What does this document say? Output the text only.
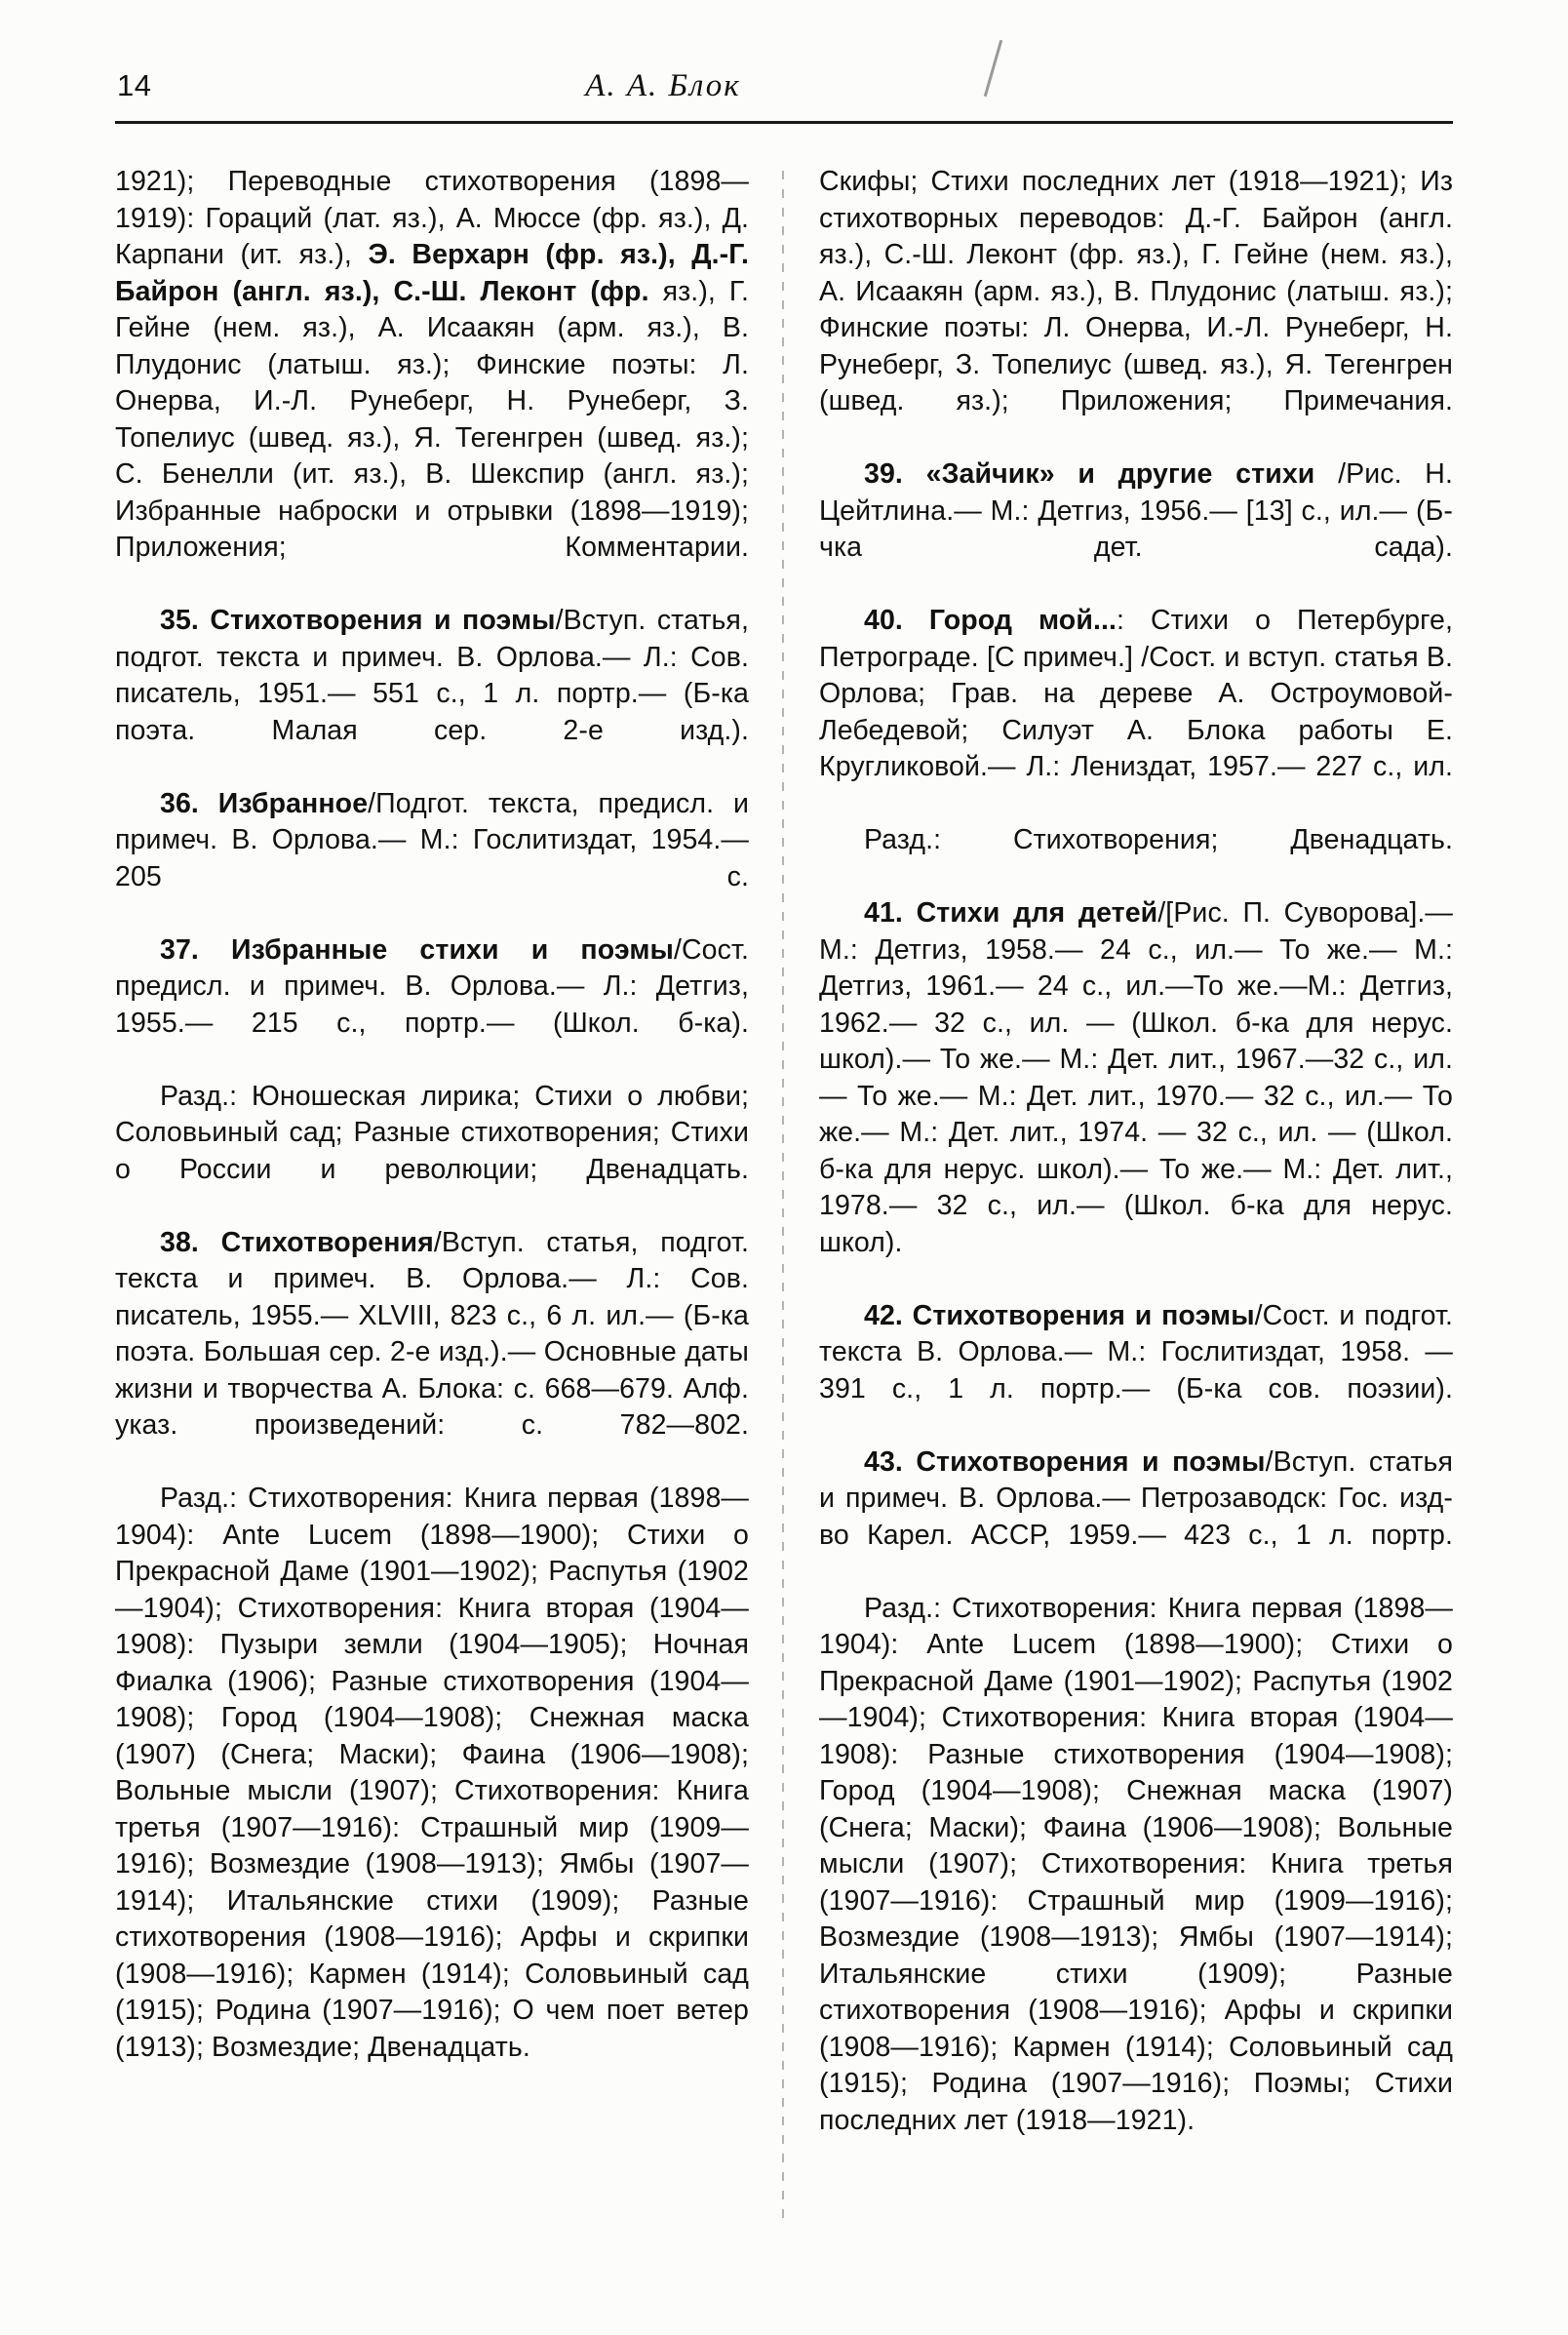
14	А. А. Блок

1921); Переводные стихотворения (1898—1919): Гораций (лат. яз.), А. Мюссе (фр. яз.), Д. Карпани (ит. яз.), Э. Верхарн (фр. яз.), Д.-Г. Байрон (англ. яз.), С.-Ш. Леконт (фр. яз.), Г. Гейне (нем. яз.), А. Исаакян (арм. яз.), В. Плудонис (латыш. яз.); Финские поэты: Л. Онерва, И.-Л. Рунеберг, Н. Рунеберг, З. Топелиус (швед. яз.), Я. Тегенгрен (швед. яз.); С. Бенелли (ит. яз.), В. Шекспир (англ. яз.); Избранные наброски и отрывки (1898—1919); Приложения; Комментарии.

35. Стихотворения и поэмы/Вступ. статья, подгот. текста и примеч. В. Орлова.— Л.: Сов. писатель, 1951.— 551 с., 1 л. портр.— (Б-ка поэта. Малая сер. 2-е изд.).

36. Избранное/Подгот. текста, предисл. и примеч. В. Орлова.— М.: Гослитиздат, 1954.— 205 с.

37. Избранные стихи и поэмы/Сост. предисл. и примеч. В. Орлова.— Л.: Детгиз, 1955.— 215 с., портр.— (Школ. б-ка).

Разд.: Юношеская лирика; Стихи о любви; Соловьиный сад; Разные стихотворения; Стихи о России и революции; Двенадцать.

38. Стихотворения/Вступ. статья, подгот. текста и примеч. В. Орлова.— Л.: Сов. писатель, 1955.— XLVIII, 823 с., 6 л. ил.— (Б-ка поэта. Большая сер. 2-е изд.).— Основные даты жизни и творчества А. Блока: с. 668—679. Алф. указ. произведений: с. 782—802.

Разд.: Стихотворения: Книга первая (1898—1904): Ante Lucem (1898—1900); Стихи о Прекрасной Даме (1901—1902); Распутья (1902—1904); Стихотворения: Книга вторая (1904—1908): Пузыри земли (1904—1905); Ночная Фиалка (1906); Разные стихотворения (1904—1908); Город (1904—1908); Снежная маска (1907) (Снега; Маски); Фаина (1906—1908); Вольные мысли (1907); Стихотворения: Книга третья (1907—1916): Страшный мир (1909—1916); Возмездие (1908—1913); Ямбы (1907—1914); Итальянские стихи (1909); Разные стихотворения (1908—1916); Арфы и скрипки (1908—1916); Кармен (1914); Соловьиный сад (1915); Родина (1907—1916); О чем поет ветер (1913); Возмездие; Двенадцать.

Скифы; Стихи последних лет (1918—1921); Из стихотворных переводов: Д.-Г. Байрон (англ. яз.), С.-Ш. Леконт (фр. яз.), Г. Гейне (нем. яз.), А. Исаакян (арм. яз.), В. Плудонис (латыш. яз.); Финские поэты: Л. Онерва, И.-Л. Рунеберг, Н. Рунеберг, З. Топелиус (швед. яз.), Я. Тегенгрен (швед. яз.); Приложения; Примечания.

39. «Зайчик» и другие стихи /Рис. Н. Цейтлина.— М.: Детгиз, 1956.— [13] с., ил.— (Б-чка дет. сада).

40. Город мой...: Стихи о Петербурге, Петрограде. [С примеч.] /Сост. и вступ. статья В. Орлова; Грав. на дереве А. Остроумовой-Лебедевой; Силуэт А. Блока работы Е. Кругликовой.— Л.: Лениздат, 1957.— 227 с., ил.

Разд.: Стихотворения; Двенадцать.

41. Стихи для детей/[Рис. П. Суворова].— М.: Детгиз, 1958.— 24 с., ил.— То же.— М.: Детгиз, 1961.— 24 с., ил.—То же.—М.: Детгиз, 1962.— 32 с., ил. — (Школ. б-ка для нерус. школ).— То же.— М.: Дет. лит., 1967.—32 с., ил.— То же.— М.: Дет. лит., 1970.— 32 с., ил.— То же.— М.: Дет. лит., 1974. — 32 с., ил. — (Школ. б-ка для нерус. школ).— То же.— М.: Дет. лит., 1978.— 32 с., ил.— (Школ. б-ка для нерус. школ).

42. Стихотворения и поэмы/Сост. и подгот. текста В. Орлова.— М.: Гослитиздат, 1958. — 391 с., 1 л. портр.— (Б-ка сов. поэзии).

43. Стихотворения и поэмы/Вступ. статья и примеч. В. Орлова.— Петрозаводск: Гос. изд-во Карел. АССР, 1959.— 423 с., 1 л. портр.

Разд.: Стихотворения: Книга первая (1898—1904): Ante Lucem (1898—1900); Стихи о Прекрасной Даме (1901—1902); Распутья (1902—1904); Стихотворения: Книга вторая (1904—1908): Разные стихотворения (1904—1908); Город (1904—1908); Снежная маска (1907) (Снега; Маски); Фаина (1906—1908); Вольные мысли (1907); Стихотворения: Книга третья (1907—1916): Страшный мир (1909—1916); Возмездие (1908—1913); Ямбы (1907—1914); Итальянские стихи (1909); Разные стихотворения (1908—1916); Арфы и скрипки (1908—1916); Кармен (1914); Соловьиный сад (1915); Родина (1907—1916); Поэмы; Стихи последних лет (1918—1921).
